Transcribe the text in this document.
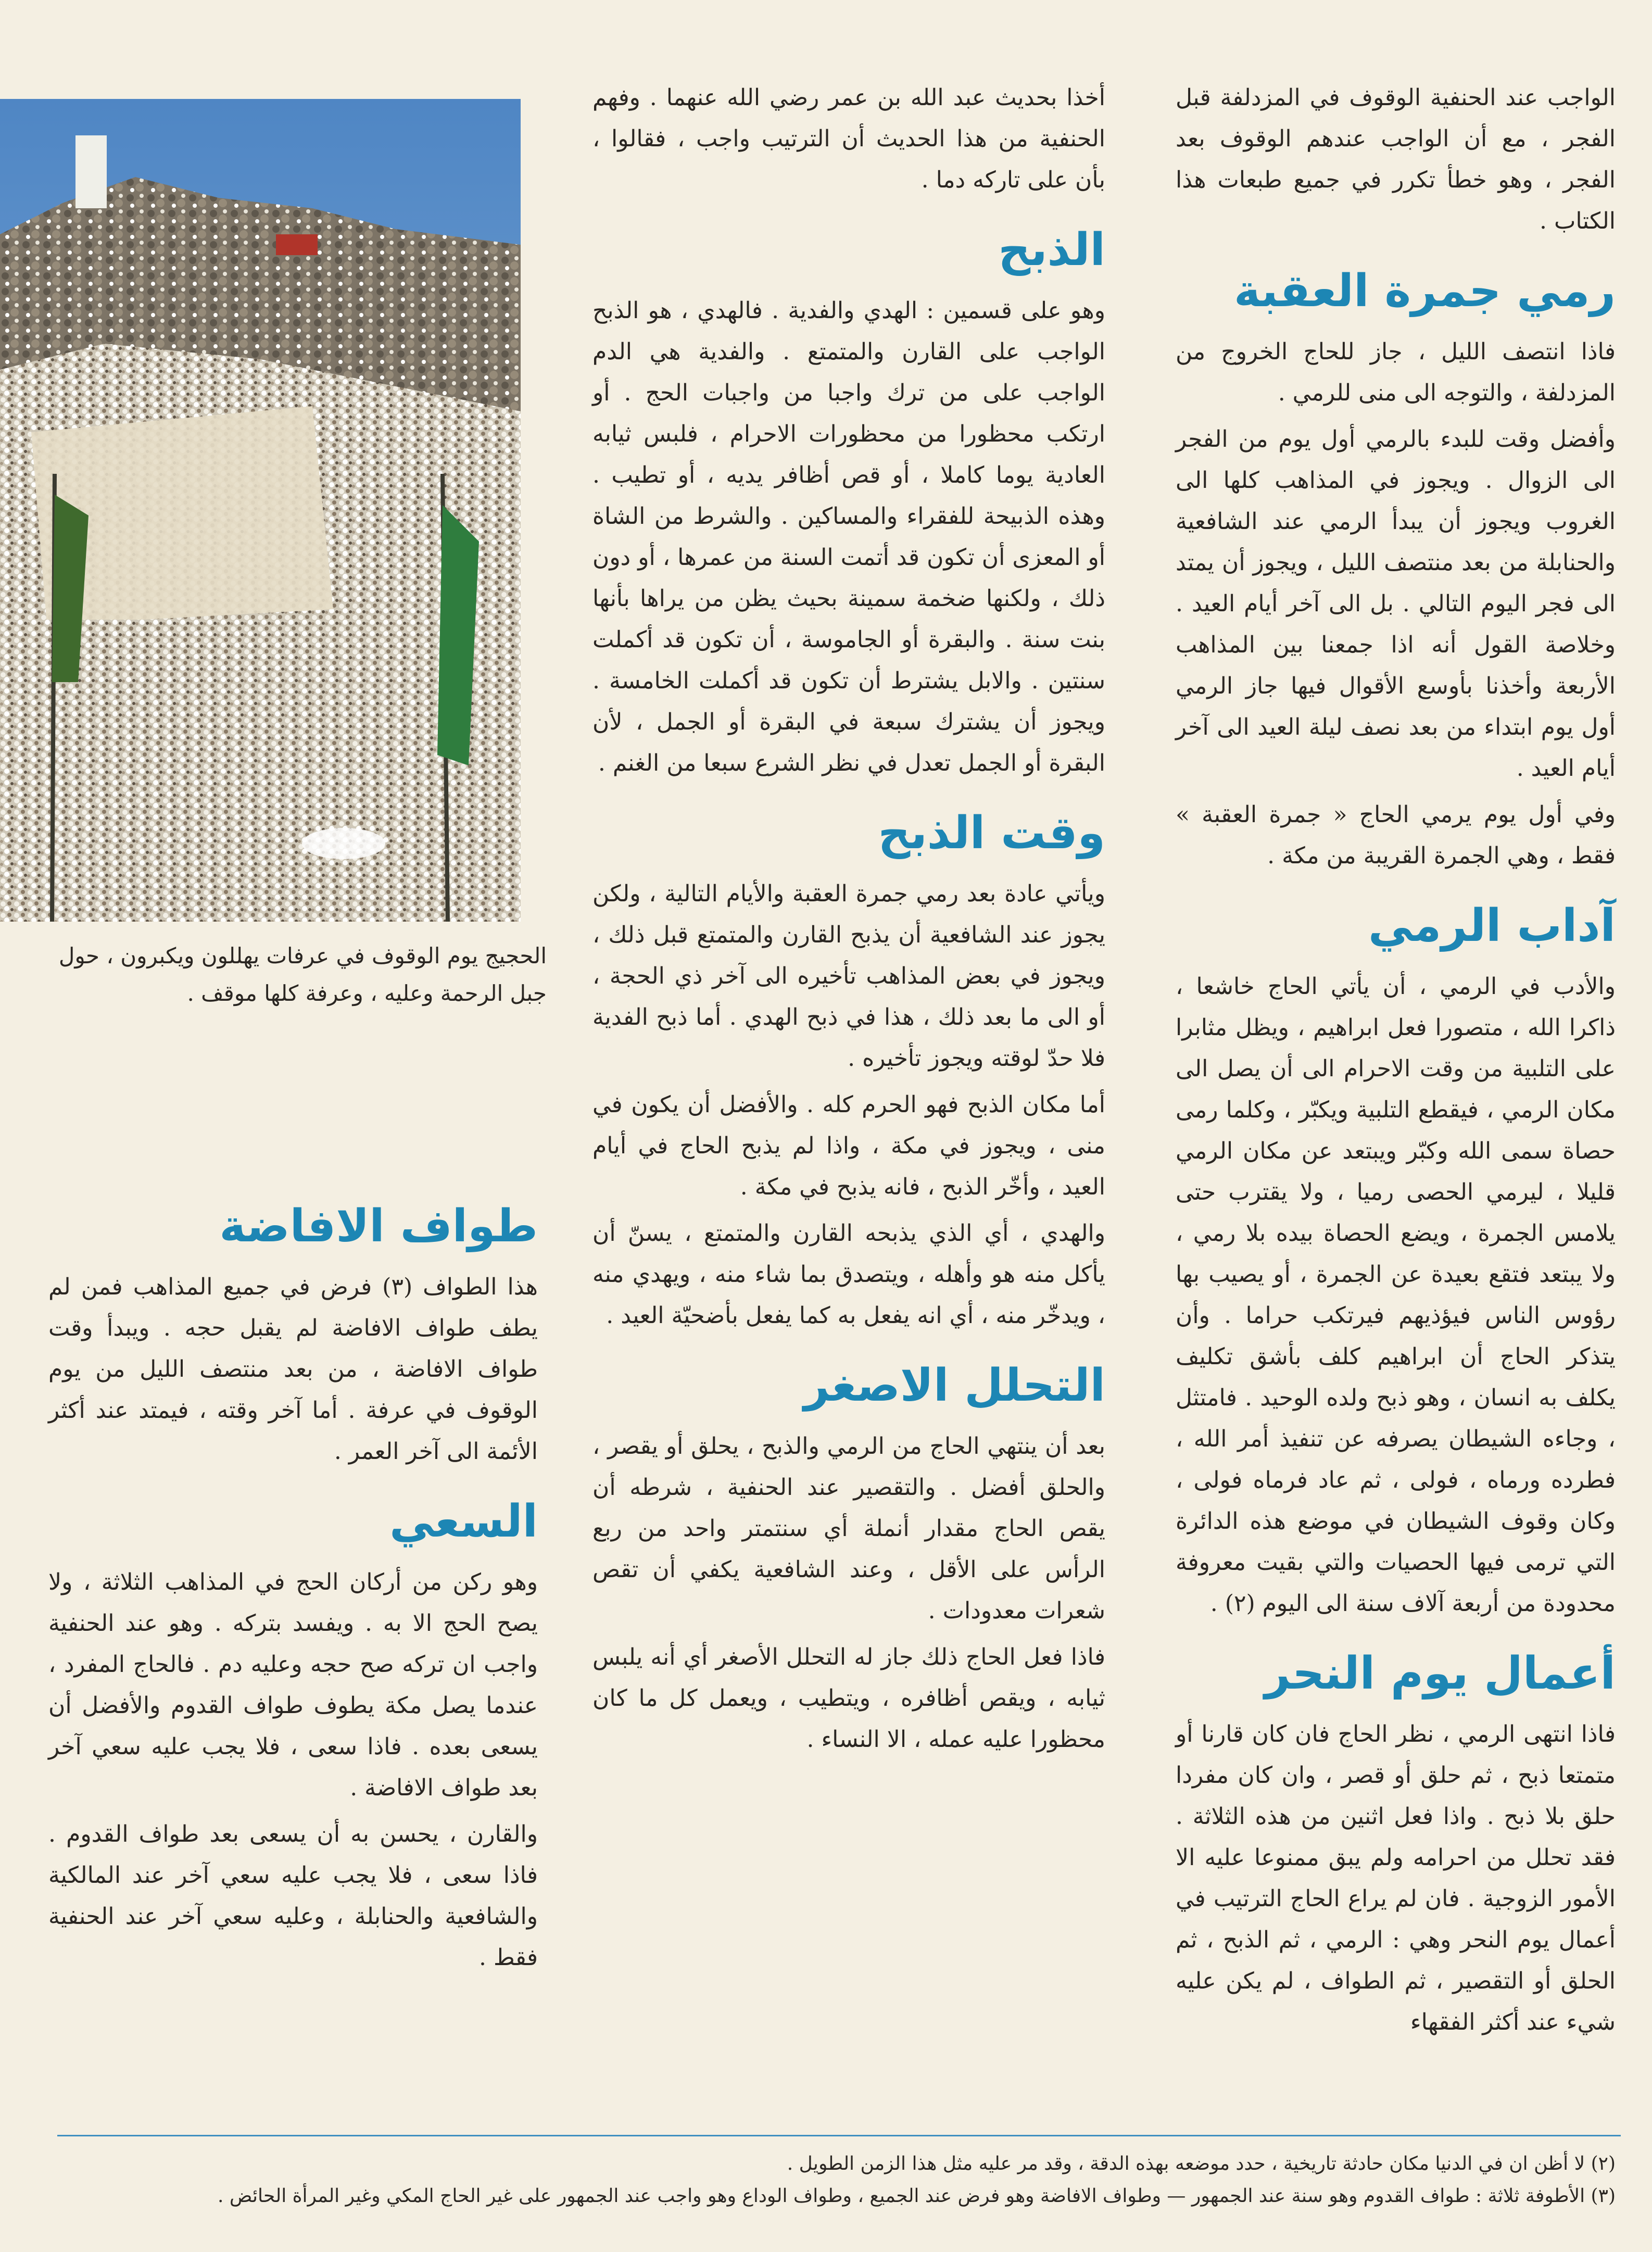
الواجب عند الحنفية الوقوف في المزدلفة قبل الفجر ، مع أن الواجب عندهم الوقوف بعد الفجر ، وهو خطأ تكرر في جميع طبعات هذا الكتاب .

رمي جمرة العقبة

فاذا انتصف الليل ، جاز للحاج الخروج من المزدلفة ، والتوجه الى منى للرمي .

وأفضل وقت للبدء بالرمي أول يوم من الفجر الى الزوال . ويجوز في المذاهب كلها الى الغروب ويجوز أن يبدأ الرمي عند الشافعية والحنابلة من بعد منتصف الليل ، ويجوز أن يمتد الى فجر اليوم التالي . بل الى آخر أيام العيد . وخلاصة القول أنه اذا جمعنا بين المذاهب الأربعة وأخذنا بأوسع الأقوال فيها جاز الرمي أول يوم ابتداء من بعد نصف ليلة العيد الى آخر أيام العيد .

وفي أول يوم يرمي الحاج « جمرة العقبة » فقط ، وهي الجمرة القريبة من مكة .

آداب الرمي

والأدب في الرمي ، أن يأتي الحاج خاشعا ، ذاكرا الله ، متصورا فعل ابراهيم ، ويظل مثابرا على التلبية من وقت الاحرام الى أن يصل الى مكان الرمي ، فيقطع التلبية ويكبّر ، وكلما رمى حصاة سمى الله وكبّر ويبتعد عن مكان الرمي قليلا ، ليرمي الحصى رميا ، ولا يقترب حتى يلامس الجمرة ، ويضع الحصاة بيده بلا رمي ، ولا يبتعد فتقع بعيدة عن الجمرة ، أو يصيب بها رؤوس الناس فيؤذيهم فيرتكب حراما . وأن يتذكر الحاج أن ابراهيم كلف بأشق تكليف يكلف به انسان ، وهو ذبح ولده الوحيد . فامتثل ، وجاءه الشيطان يصرفه عن تنفيذ أمر الله ، فطرده ورماه ، فولى ، ثم عاد فرماه فولى ، وكان وقوف الشيطان في موضع هذه الدائرة التي ترمى فيها الحصيات والتي بقيت معروفة محدودة من أربعة آلاف سنة الى اليوم (٢) .

أعمال يوم النحر

فاذا انتهى الرمي ، نظر الحاج فان كان قارنا أو متمتعا ذبح ، ثم حلق أو قصر ، وان كان مفردا حلق بلا ذبح . واذا فعل اثنين من هذه الثلاثة . فقد تحلل من احرامه ولم يبق ممنوعا عليه الا الأمور الزوجية . فان لم يراع الحاج الترتيب في أعمال يوم النحر وهي : الرمي ، ثم الذبح ، ثم الحلق أو التقصير ، ثم الطواف ، لم يكن عليه شيء عند أكثر الفقهاء

أخذا بحديث عبد الله بن عمر رضي الله عنهما . وفهم الحنفية من هذا الحديث أن الترتيب واجب ، فقالوا ، بأن على تاركه دما .

الذبح

وهو على قسمين : الهدي والفدية . فالهدي ، هو الذبح الواجب على القارن والمتمتع . والفدية هي الدم الواجب على من ترك واجبا من واجبات الحج . أو ارتكب محظورا من محظورات الاحرام ، فلبس ثيابه العادية يوما كاملا ، أو قص أظافر يديه ، أو تطيب . وهذه الذبيحة للفقراء والمساكين . والشرط من الشاة أو المعزى أن تكون قد أتمت السنة من عمرها ، أو دون ذلك ، ولكنها ضخمة سمينة بحيث يظن من يراها بأنها بنت سنة . والبقرة أو الجاموسة ، أن تكون قد أكملت سنتين . والابل يشترط أن تكون قد أكملت الخامسة . ويجوز أن يشترك سبعة في البقرة أو الجمل ، لأن البقرة أو الجمل تعدل في نظر الشرع سبعا من الغنم .

وقت الذبح

ويأتي عادة بعد رمي جمرة العقبة والأيام التالية ، ولكن يجوز عند الشافعية أن يذبح القارن والمتمتع قبل ذلك ، ويجوز في بعض المذاهب تأخيره الى آخر ذي الحجة ، أو الى ما بعد ذلك ، هذا في ذبح الهدي . أما ذبح الفدية فلا حدّ لوقته ويجوز تأخيره .

أما مكان الذبح فهو الحرم كله . والأفضل أن يكون في منى ، ويجوز في مكة ، واذا لم يذبح الحاج في أيام العيد ، وأخّر الذبح ، فانه يذبح في مكة .

والهدي ، أي الذي يذبحه القارن والمتمتع ، يسنّ أن يأكل منه هو وأهله ، ويتصدق بما شاء منه ، ويهدي منه ، ويدخّر منه ، أي انه يفعل به كما يفعل بأضحيّة العيد .

التحلل الاصغر

بعد أن ينتهي الحاج من الرمي والذبح ، يحلق أو يقصر ، والحلق أفضل . والتقصير عند الحنفية ، شرطه أن يقص الحاج مقدار أنملة أي سنتمتر واحد من ربع الرأس على الأقل ، وعند الشافعية يكفي أن تقص شعرات معدودات .

فاذا فعل الحاج ذلك جاز له التحلل الأصغر أي أنه يلبس ثيابه ، ويقص أظافره ، ويتطيب ، ويعمل كل ما كان محظورا عليه عمله ، الا النساء .

الحجيج يوم الوقوف في عرفات يهللون ويكبرون ، حول جبل الرحمة وعليه ، وعرفة كلها موقف .
طواف الافاضة

هذا الطواف (٣) فرض في جميع المذاهب فمن لم يطف طواف الافاضة لم يقبل حجه . ويبدأ وقت طواف الافاضة ، من بعد منتصف الليل من يوم الوقوف في عرفة . أما آخر وقته ، فيمتد عند أكثر الأئمة الى آخر العمر .

السعي

وهو ركن من أركان الحج في المذاهب الثلاثة ، ولا يصح الحج الا به . ويفسد بتركه . وهو عند الحنفية واجب ان تركه صح حجه وعليه دم . فالحاج المفرد ، عندما يصل مكة يطوف طواف القدوم والأفضل أن يسعى بعده . فاذا سعى ، فلا يجب عليه سعي آخر بعد طواف الافاضة .

والقارن ، يحسن به أن يسعى بعد طواف القدوم . فاذا سعى ، فلا يجب عليه سعي آخر عند المالكية والشافعية والحنابلة ، وعليه سعي آخر عند الحنفية فقط .

(٢) لا أظن ان في الدنيا مكان حادثة تاريخية ، حدد موضعه بهذه الدقة ، وقد مر عليه مثل هذا الزمن الطويل .

(٣) الأطوفة ثلاثة : طواف القدوم وهو سنة عند الجمهور — وطواف الافاضة وهو فرض عند الجميع ، وطواف الوداع وهو واجب عند الجمهور على غير الحاج المكي وغير المرأة الحائض .
